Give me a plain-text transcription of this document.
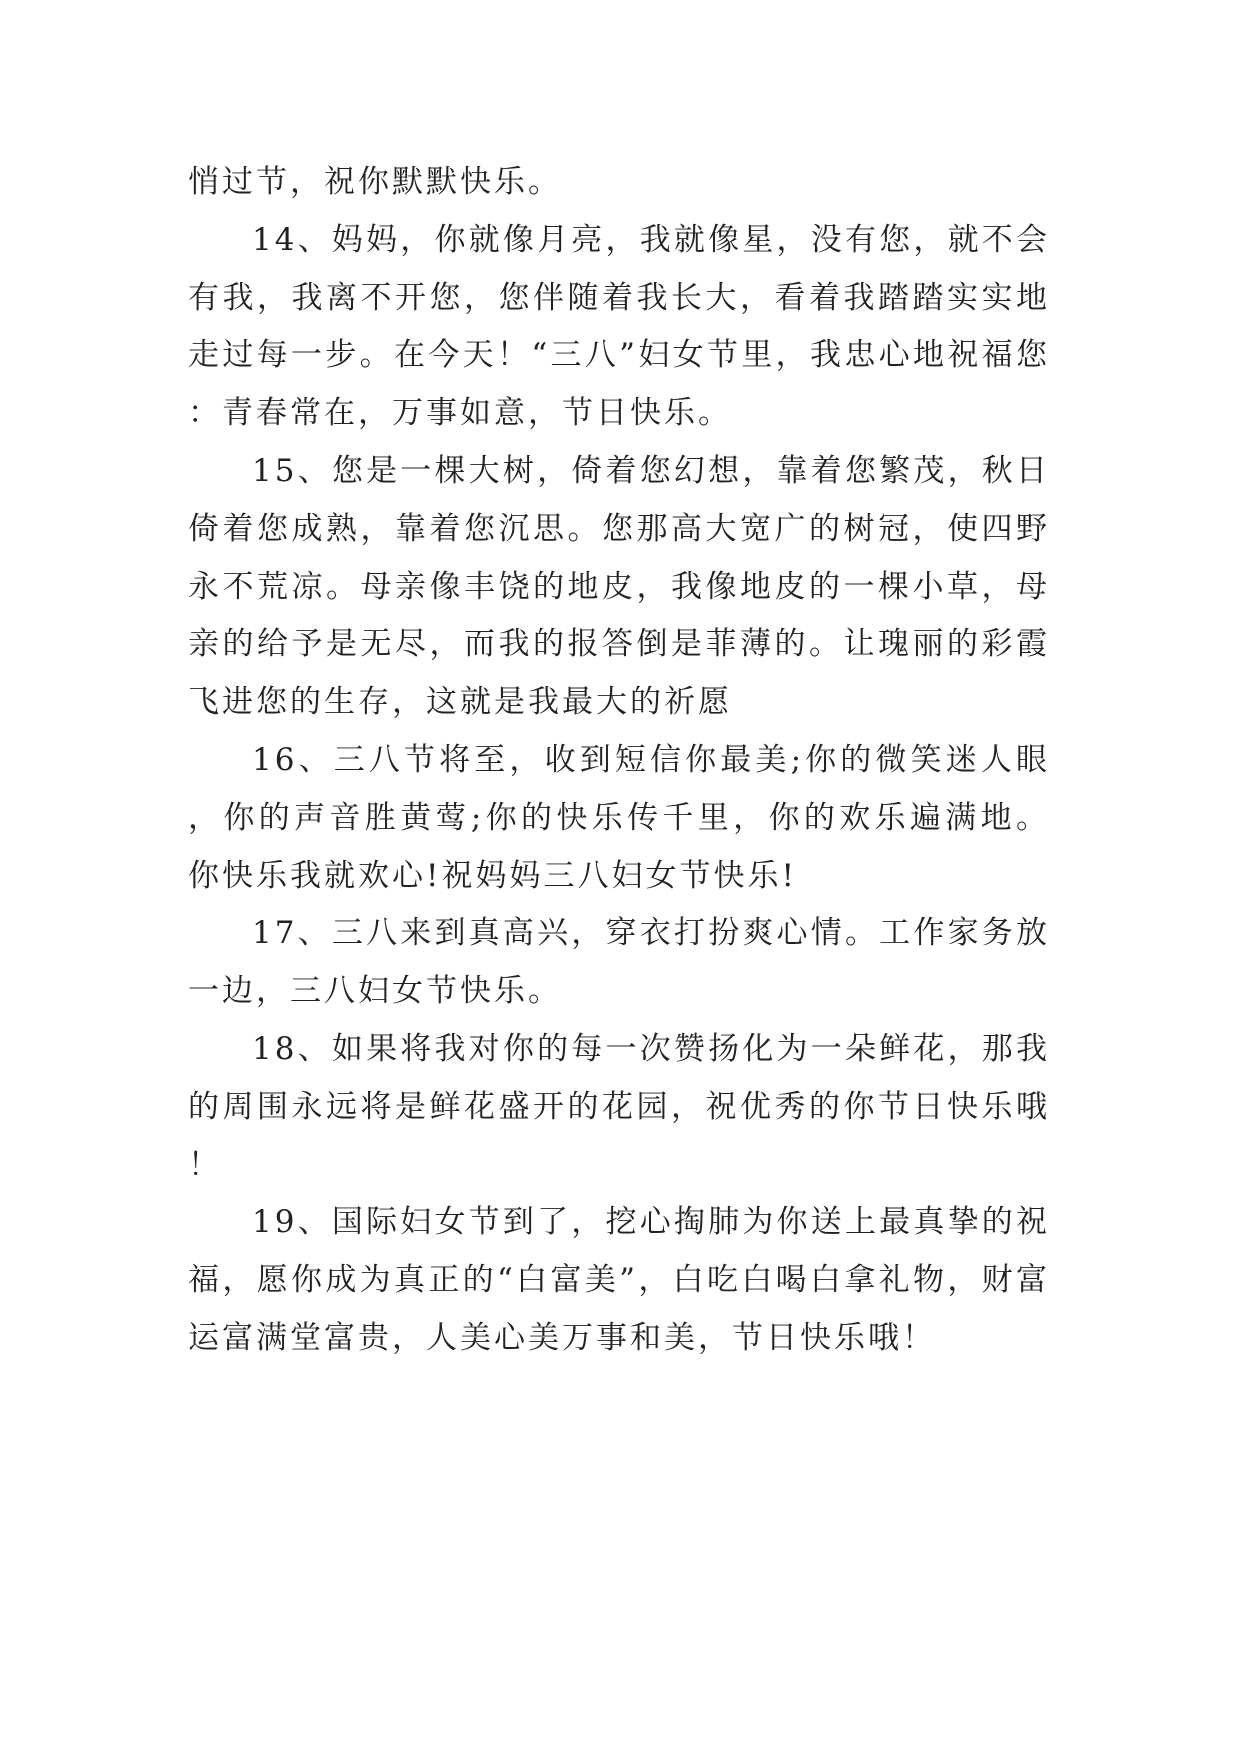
悄过节，祝你默默快乐。

14、妈妈，你就像月亮，我就像星，没有您，就不会有我，我离不开您，您伴随着我长大，看着我踏踏实实地走过每一步。在今天！“三八”妇女节里，我忠心地祝福您：青春常在，万事如意，节日快乐。

15、您是一棵大树，倚着您幻想，靠着您繁茂，秋日倚着您成熟，靠着您沉思。您那高大宽广的树冠，使四野永不荒凉。母亲像丰饶的地皮，我像地皮的一棵小草，母亲的给予是无尽，而我的报答倒是菲薄的。让瑰丽的彩霞飞进您的生存，这就是我最大的祈愿

16、三八节将至，收到短信你最美;你的微笑迷人眼，你的声音胜黄莺;你的快乐传千里，你的欢乐遍满地。你快乐我就欢心!祝妈妈三八妇女节快乐!

17、三八来到真高兴，穿衣打扮爽心情。工作家务放一边，三八妇女节快乐。

18、如果将我对你的每一次赞扬化为一朵鲜花，那我的周围永远将是鲜花盛开的花园，祝优秀的你节日快乐哦！

19、国际妇女节到了，挖心掏肺为你送上最真挚的祝福，愿你成为真正的“白富美”，白吃白喝白拿礼物，财富运富满堂富贵，人美心美万事和美，节日快乐哦！
